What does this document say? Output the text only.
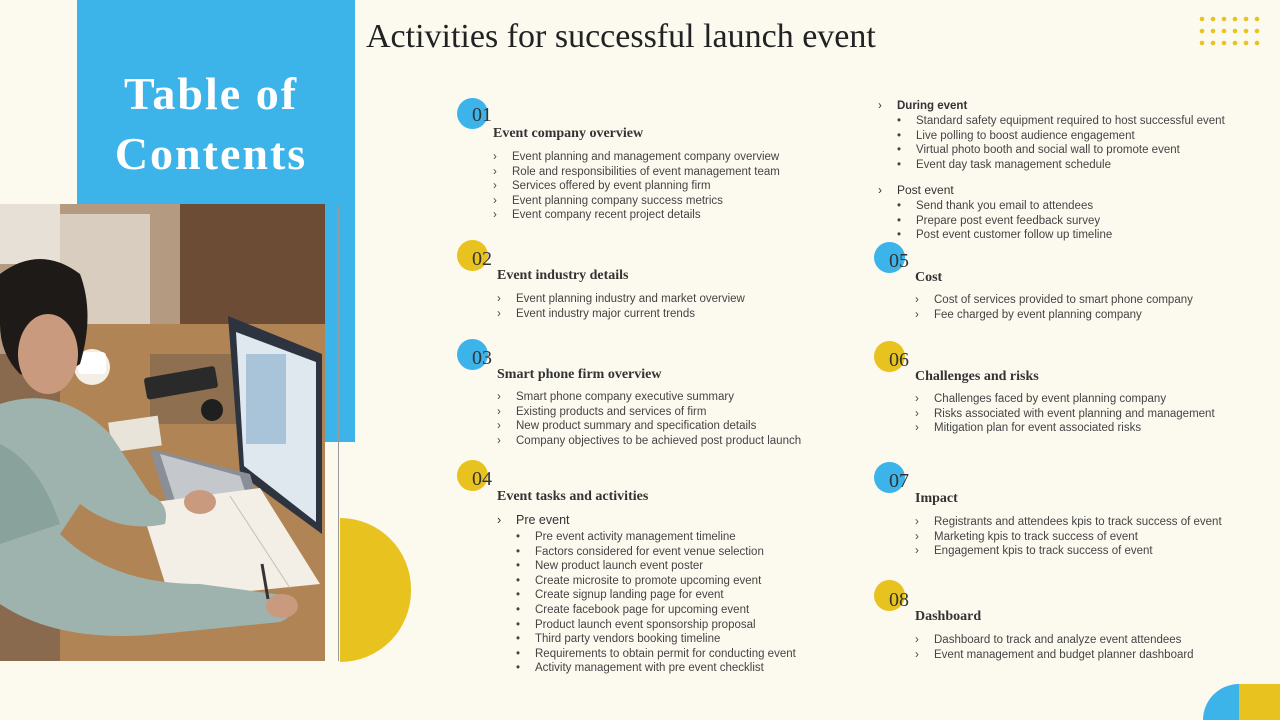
Table of
Contents
Activities for successful launch event
01
Event company overview
› Event planning and management company overview
› Role and responsibilities of event management team
› Services offered by event planning firm
› Event planning company success metrics
› Event company recent project details
02
Event industry details
› Event planning industry and market overview
› Event industry major current trends
03
Smart phone firm overview
› Smart phone company executive summary
› Existing products and services of firm
› New product summary and specification details
› Company objectives to be achieved post product launch
04
Event tasks and activities
› Pre event
• Pre event activity management timeline
• Factors considered for event venue selection
• New product launch event poster
• Create microsite to promote upcoming event
• Create signup landing page for event
• Create facebook page for upcoming event
• Product launch event sponsorship proposal
• Third party vendors booking timeline
• Requirements to obtain permit for conducting event
• Activity management with pre event checklist
› During event
• Standard safety equipment required to host successful event
• Live polling to boost audience engagement
• Virtual photo booth and social wall to promote event
• Event day task management schedule
› Post event
• Send thank you email to attendees
• Prepare post event feedback survey
• Post event customer follow up timeline
05
Cost
› Cost of services provided to smart phone company
› Fee charged by event planning company
06
Challenges and risks
› Challenges faced by event planning company
› Risks associated with event planning and management
› Mitigation plan for event associated risks
07
Impact
› Registrants and attendees kpis to track success of event
› Marketing kpis to track success of event
› Engagement kpis to track success of event
08
Dashboard
› Dashboard to track and analyze event attendees
› Event management and budget planner dashboard
